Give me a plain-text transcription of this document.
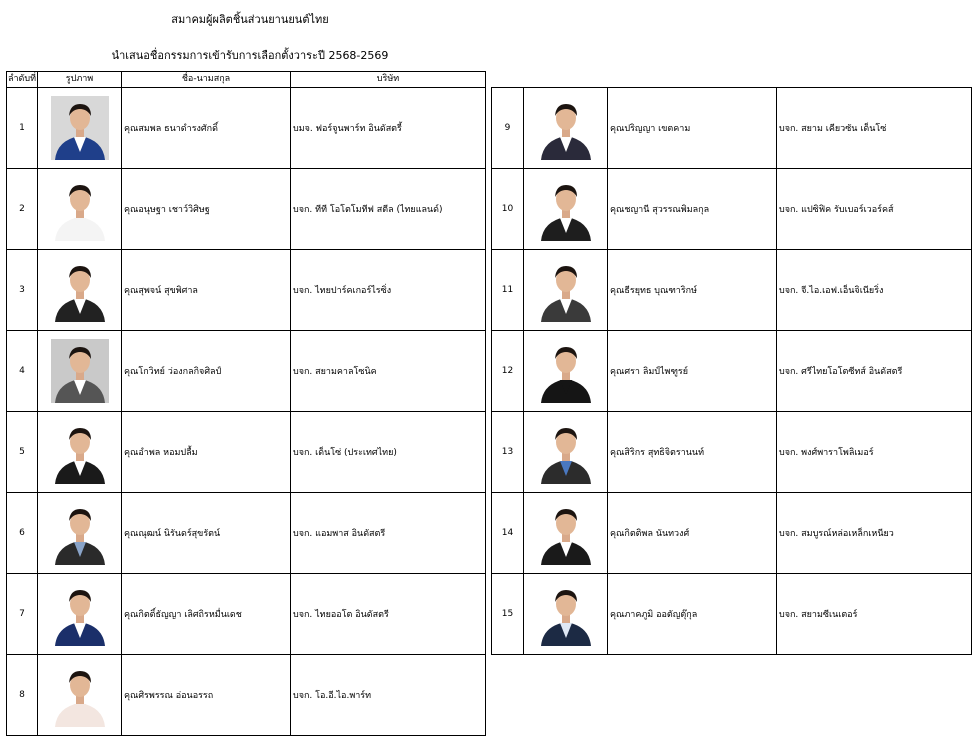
สมาคมผู้ผลิตชิ้นส่วนยานยนต์ไทย
นำเสนอชื่อกรรมการเข้ารับการเลือกตั้งวาระปี 2568-2569
ลำดับที่	รูปภาพ	ชื่อ-นามสกุล	บริษัท
1		คุณสมพล ธนาดำรงศักดิ์	บมจ. ฟอร์จูนพาร์ท อินดัสตรี้
2		คุณอนุษฐา เชาว์วิศิษฐ	บจก. ทีที โอโตโมทีฟ สตีล (ไทยแลนด์)
3		คุณสุพจน์ สุขพิศาล	บจก. ไทยปาร์คเกอร์ไรซิ่ง
4		คุณโกวิทย์ ว่องกลกิจศิลป์	บจก. สยามคาลโซนิค
5		คุณอำพล หอมปลื้ม	บจก. เด็นโซ่ (ประเทศไทย)
6		คุณณุฒน์ นิรันดร์สุขรัตน์	บจก. แอมพาส อินดัสตรี
7		คุณกิตติ์ธัญญา เลิศถิรหมื่นเดช	บจก. ไทยออโต อินดัสตรี
8		คุณศิรพรรณ อ่อนอรรถ	บจก. โอ.อี.ไอ.พาร์ท
9		คุณปริญญา เขตคาม	บจก. สยาม เคียวซัน เด็นโซ่
10		คุณชญานี สุวรรณพิมลกุล	บจก. แปซิฟิค รับเบอร์เวอร์คส์
11		คุณธีรยุทธ บุณฑาริกษ์	บจก. จี.ไอ.เอฟ.เอ็นจิเนียริ่ง
12		คุณศรา ลิมป์ไพฑูรย์	บจก. ศรีไทยโอโตซีทส์ อินดัสตรี
13		คุณสิริกร สุทธิจิตรานนท์	บจก. พงศ์พาราโพลิเมอร์
14		คุณกิตติพล นันทวงศ์	บจก. สมบูรณ์หล่อเหล็กเหนียว
15		คุณภาคภูมิ ออตัญตุ๊กุล	บจก. สยามซีเนเตอร์
